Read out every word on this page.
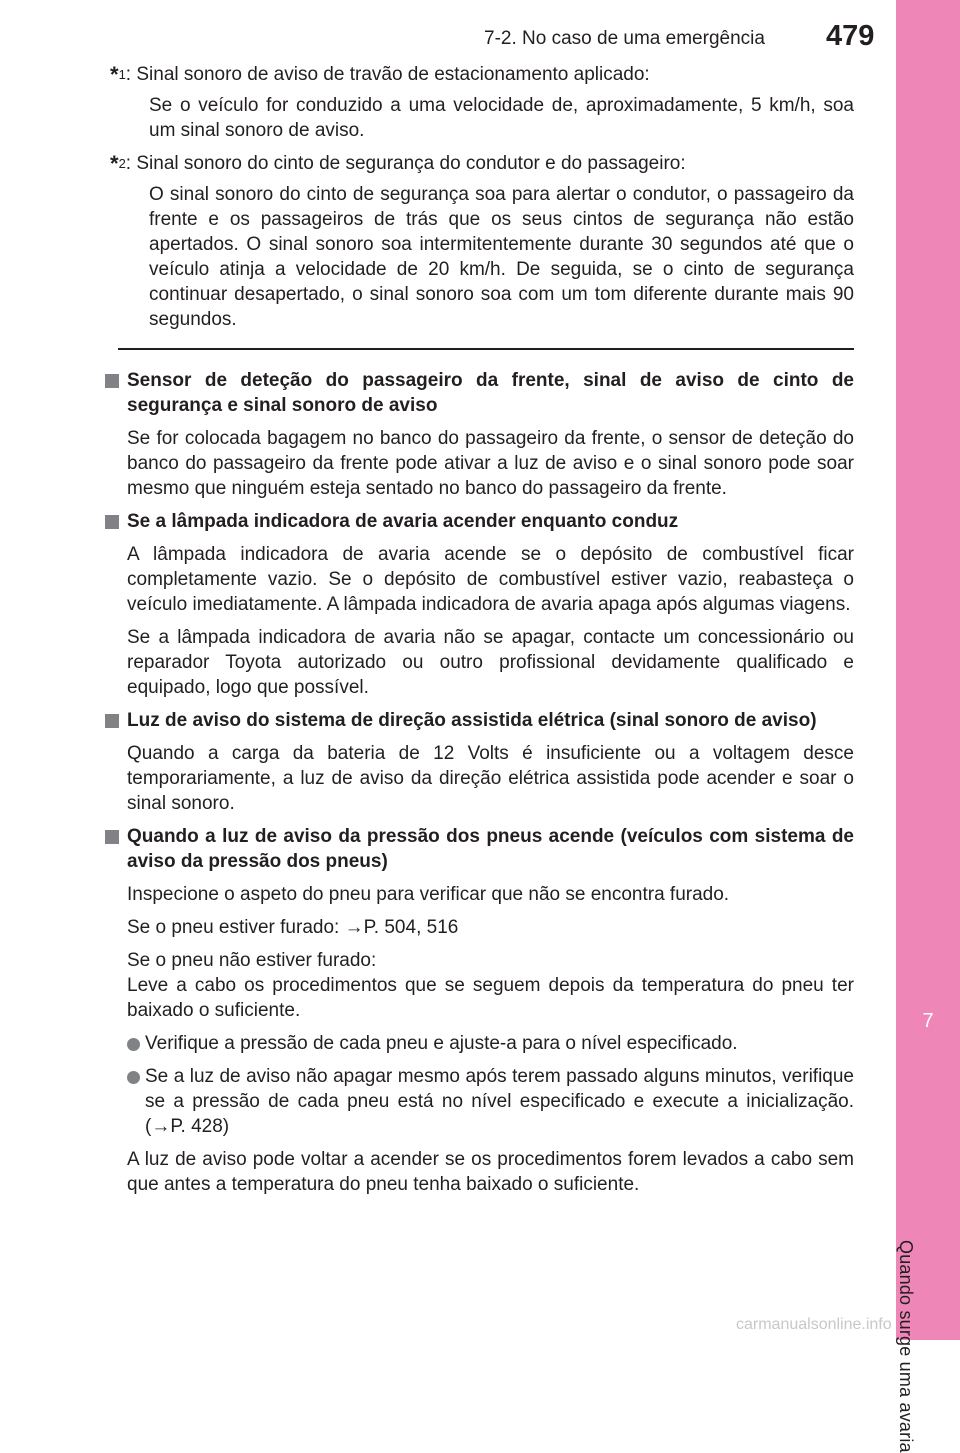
7-2. No caso de uma emergência 479
7
Quando surge uma avaria
* 1 : Sinal sonoro de aviso de travão de estacionamento aplicado:
Se o veículo for conduzido a uma velocidade de, aproximadamente, 5 km/h, soa um sinal sonoro de aviso.
* 2 : Sinal sonoro do cinto de segurança do condutor e do passageiro:
O sinal sonoro do cinto de segurança soa para alertar o condutor, o passageiro da frente e os passageiros de trás que os seus cintos de segurança não estão apertados. O sinal sonoro soa intermitentemente durante 30 segundos até que o veículo atinja a velocidade de 20 km/h. De seguida, se o cinto de segurança continuar desapertado, o sinal sonoro soa com um tom diferente durante mais 90 segundos.
Sensor de deteção do passageiro da frente, sinal de aviso de cinto de segurança e sinal sonoro de aviso
Se for colocada bagagem no banco do passageiro da frente, o sensor de deteção do banco do passageiro da frente pode ativar a luz de aviso e o sinal sonoro pode soar mesmo que ninguém esteja sentado no banco do passageiro da frente.
Se a lâmpada indicadora de avaria acender enquanto conduz
A lâmpada indicadora de avaria acende se o depósito de combustível ficar completamente vazio. Se o depósito de combustível estiver vazio, reabasteça o veículo imediatamente. A lâmpada indicadora de avaria apaga após algumas viagens.
Se a lâmpada indicadora de avaria não se apagar, contacte um concessionário ou reparador Toyota autorizado ou outro profissional devidamente qualificado e equipado, logo que possível.
Luz de aviso do sistema de direção assistida elétrica (sinal sonoro de aviso)
Quando a carga da bateria de 12 Volts é insuficiente ou a voltagem desce temporariamente, a luz de aviso da direção elétrica assistida pode acender e soar o sinal sonoro.
Quando a luz de aviso da pressão dos pneus acende (veículos com sistema de aviso da pressão dos pneus)
Inspecione o aspeto do pneu para verificar que não se encontra furado.
Se o pneu estiver furado: →P. 504, 516
Se o pneu não estiver furado:
Leve a cabo os procedimentos que se seguem depois da temperatura do pneu ter baixado o suficiente.
Verifique a pressão de cada pneu e ajuste-a para o nível especificado.
Se a luz de aviso não apagar mesmo após terem passado alguns minutos, verifique se a pressão de cada pneu está no nível especificado e execute a inicialização. (→P. 428)
A luz de aviso pode voltar a acender se os procedimentos forem levados a cabo sem que antes a temperatura do pneu tenha baixado o suficiente.
carmanualsonline.info
